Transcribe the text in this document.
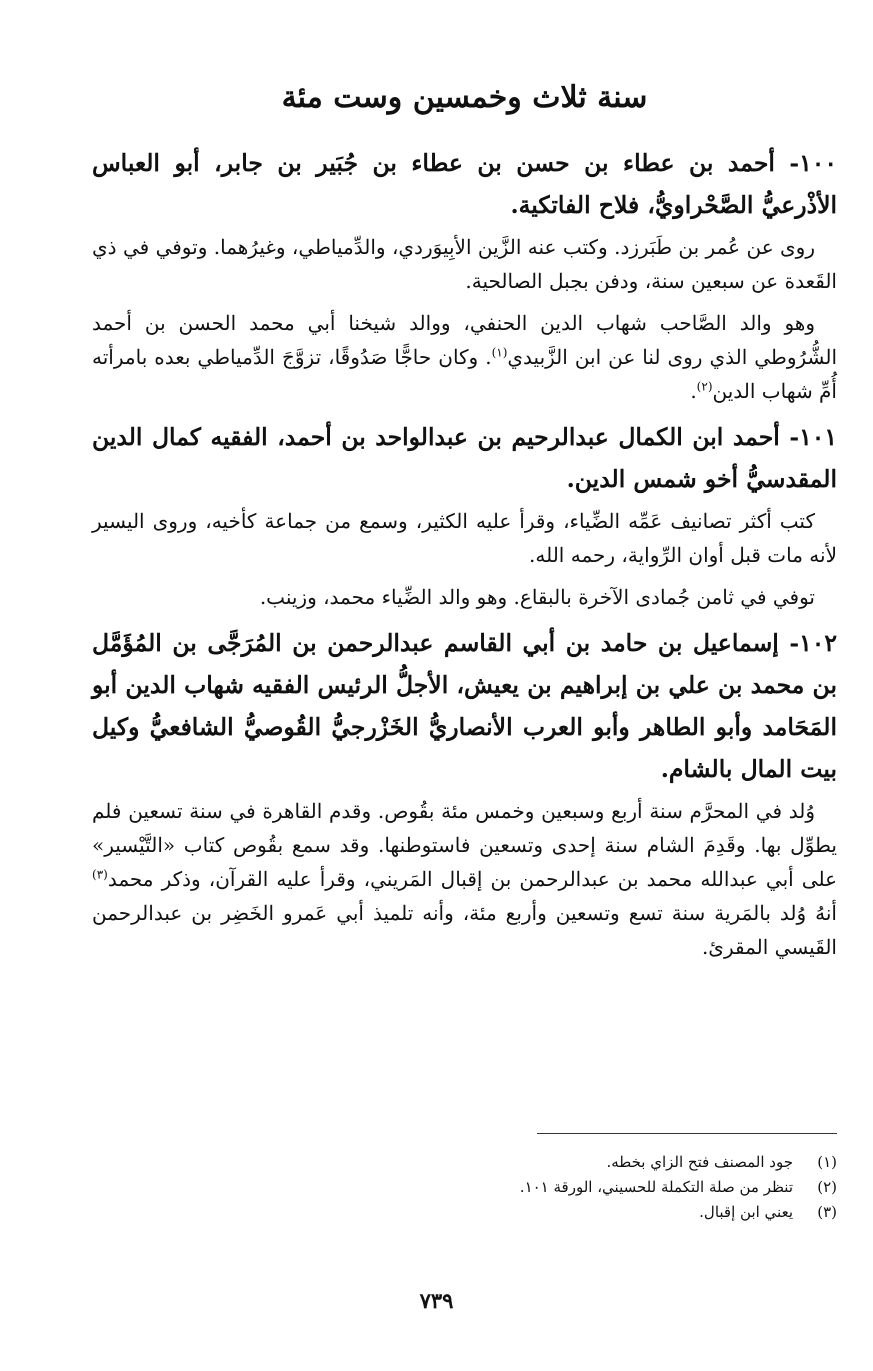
سنة ثلاث وخمسين وست مئة

١٠٠- أحمد بن عطاء بن حسن بن عطاء بن جُبَير بن جابر، أبو العباس الأذْرعيُّ الصَّحْراويُّ، فلاح الفاتكية.

روى عن عُمر بن طَبَرزد. وكتب عنه الزَّين الأبِيوَردي، والدِّمياطي، وغيرُهما. وتوفي في ذي القَعدة عن سبعين سنة، ودفن بجبل الصالحية.

وهو والد الصَّاحب شهاب الدين الحنفي، ووالد شيخنا أبي محمد الحسن بن أحمد الشُّرُوطي الذي روى لنا عن ابن الزَّبيدي$^{(١)}$. وكان حاجًّا صَدُوقًا، تزوَّجَ الدِّمياطي بعده بامرأته أُمِّ شهاب الدين$^{(٢)}$.

١٠١- أحمد ابن الكمال عبدالرحيم بن عبدالواحد بن أحمد، الفقيه كمال الدين المقدسيُّ أخو شمس الدين.

كتب أكثر تصانيف عَمِّه الضِّياء، وقرأ عليه الكثير، وسمع من جماعة كأخيه، وروى اليسير لأنه مات قبل أوان الرِّواية، رحمه الله.

توفي في ثامن جُمادى الآخرة بالبقاع. وهو والد الضِّياء محمد، وزينب.

١٠٢- إسماعيل بن حامد بن أبي القاسم عبدالرحمن بن المُرَجَّى بن المُؤَمَّل بن محمد بن علي بن إبراهيم بن يعيش، الأجلُّ الرئيس الفقيه شهاب الدين أبو المَحَامد وأبو الطاهر وأبو العرب الأنصاريُّ الخَزْرجيُّ القُوصيُّ الشافعيُّ وكيل بيت المال بالشام.

وُلد في المحرَّم سنة أربع وسبعين وخمس مئة بقُوص. وقدم القاهرة في سنة تسعين فلم يطوِّل بها. وقَدِمَ الشام سنة إحدى وتسعين فاستوطنها. وقد سمع بقُوص كتاب «التَّيْسير» على أبي عبدالله محمد بن عبدالرحمن بن إقبال المَريني، وقرأ عليه القرآن، وذكر محمد$^{(٣)}$ أنهُ وُلد بالمَرية سنة تسع وتسعين وأربع مئة، وأنه تلميذ أبي عَمرو الخَضِر بن عبدالرحمن القَيسي المقرئ.

(١)
جود المصنف فتح الزاي بخطه.
(٢)
تنظر من صلة التكملة للحسيني، الورقة ١٠١.
(٣)
يعني ابن إقبال.
٧٣٩
